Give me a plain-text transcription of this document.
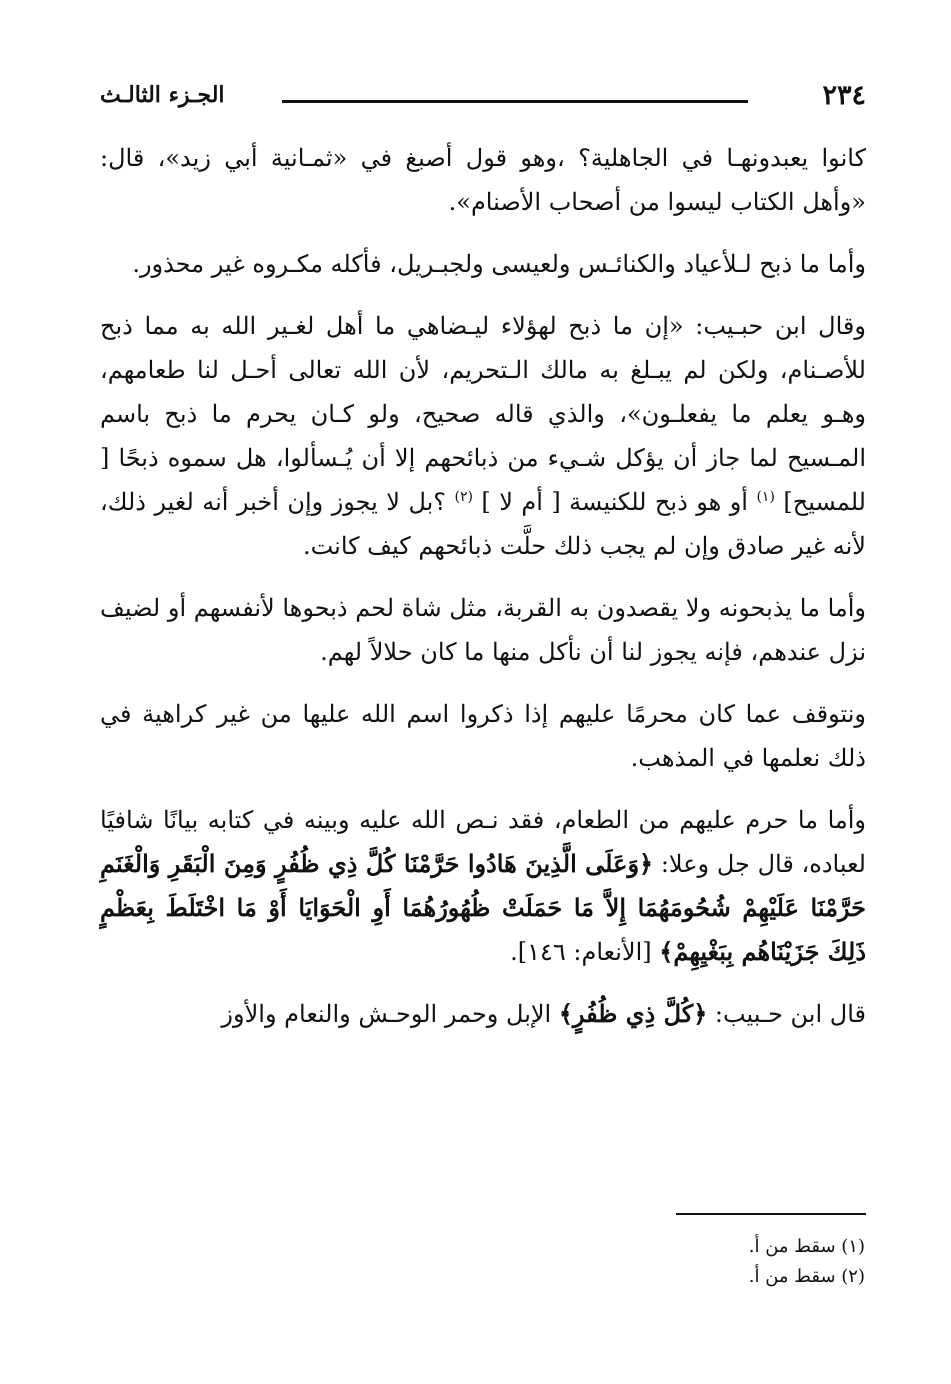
٢٣٤
الجـزء الثالـث

كانوا يعبدونهـا في الجاهلية؟ ،وهو قول أصبغ في «ثمـانية أبي زيد»، قال: «وأهل الكتاب ليسوا من أصحاب الأصنام».

وأما ما ذبح لـلأعياد والكنائـس ولعيسى ولجبـريل، فأكله مكـروه غير محذور.

وقال ابن حبـيب: «إن ما ذبح لهؤلاء ليـضاهي ما أهل لغـير الله به مما ذبح للأصـنام، ولكن لم يبـلغ به مالك الـتحريم، لأن الله تعالى أحـل لنا طعامهم، وهـو يعلم ما يفعلـون»، والذي قاله صحيح، ولو كـان يحرم ما ذبح باسم المـسيح لما جاز أن يؤكل شـيء من ذبائحهم إلا أن يُـسألوا، هل سموه ذبحًا [ للمسيح] $^{(١)}$ أو هو ذبح للكنيسة [ أم لا ] $^{(٢)}$ ؟بل لا يجوز وإن أخبر أنه لغير ذلك، لأنه غير صادق وإن لم يجب ذلك حلَّت ذبائحهم كيف كانت.

وأما ما يذبحونه ولا يقصدون به القربة، مثل شاة لحم ذبحوها لأنفسهم أو لضيف نزل عندهم، فإنه يجوز لنا أن نأكل منها ما كان حلالاً لهم.

ونتوقف عما كان محرمًا عليهم إذا ذكروا اسم الله عليها من غير كراهية في ذلك نعلمها في المذهب.

وأما ما حرم عليهم من الطعام، فقد نـص الله عليه وبينه في كتابه بيانًا شافيًا لعباده، قال جل وعلا: ﴿وَعَلَى الَّذِينَ هَادُوا حَرَّمْنَا كُلَّ ذِي ظُفُرٍ وَمِنَ الْبَقَرِ وَالْغَنَمِ حَرَّمْنَا عَلَيْهِمْ شُحُومَهُمَا إِلاَّ مَا حَمَلَتْ ظُهُورُهُمَا أَوِ الْحَوَايَا أَوْ مَا اخْتَلَطَ بِعَظْمٍ ذَلِكَ جَزَيْنَاهُم بِبَغْيِهِمْ﴾ [الأنعام: ١٤٦].

قال ابن حـبيب: ﴿كُلَّ ذِي ظُفُرٍ﴾ الإبل وحمر الوحـش والنعام والأوز

(١) سقط من أ.
(٢) سقط من أ.
